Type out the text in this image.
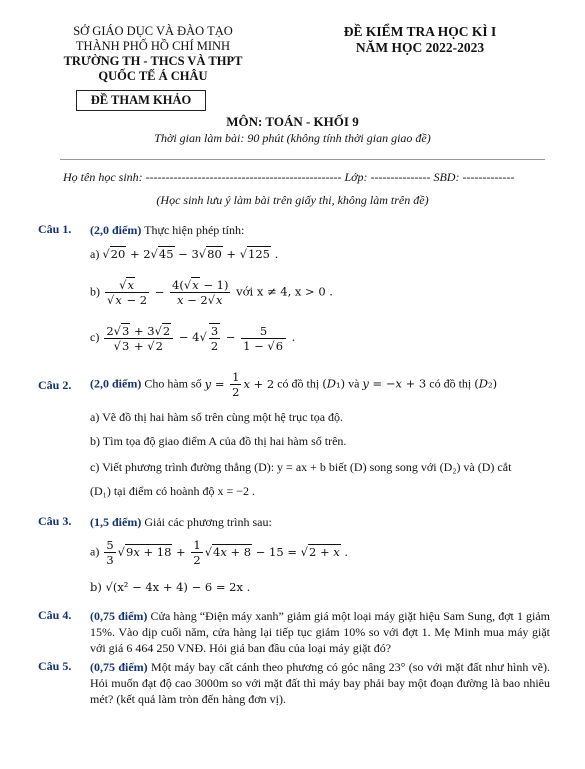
SỞ GIÁO DỤC VÀ ĐÀO TẠO
THÀNH PHỐ HỒ CHÍ MINH
TRƯỜNG TH - THCS VÀ THPT
QUỐC TẾ Á CHÂU
ĐỀ KIỂM TRA HỌC KÌ I
NĂM HỌC 2022-2023
ĐỀ THAM KHẢO
MÔN: TOÁN - KHỐI 9
Thời gian làm bài: 90 phút (không tính thời gian giao đề)
Họ tên học sinh: ------------------------------------------------- Lớp: --------------- SBD: -------------
(Học sinh lưu ý làm bài trên giấy thi, không làm trên đề)
Câu 1. (2,0 điểm) Thực hiện phép tính:
a) √20 + 2√45 − 3√80 + √125 .
$b) \frac{√x}{√x - 2} - \frac{4(√x - 1)}{x - 2√x}$ với x ≠ 4, x > 0 .
$c) \frac{2√3 + 3√2}{√3 + √2} - 4√ \frac{3}{2} - \frac{5}{1 - √6}$ .
Câu 2. (2,0 điểm) Cho hàm số $y = \frac{1}{2}$ x + 2 có đồ thị (D₁) và y = −x + 3 có đồ thị (D₂)
a) Vẽ đồ thị hai hàm số trên cùng một hệ trục tọa độ.
b) Tìm tọa độ giao điểm A của đồ thị hai hàm số trên.
c) Viết phương trình đường thẳng (D): y = ax + b biết (D) song song với (D₂) và (D) cắt
(D₁) tại điểm có hoành độ x = −2 .
Câu 3. (1,5 điểm) Giải các phương trình sau:
$a) \frac{5}{3} √9x + 18 + \frac{1}{2} √4x + 8 - 15 = √2 + x$ .
b) √(x² − 4x + 4) − 6 = 2x .
Câu 4. (0,75 điểm) Cửa hàng “Điện máy xanh” giảm giá một loại máy giặt hiệu Sam Sung, đợt 1 giảm 15%. Vào dịp cuối năm, cửa hàng lại tiếp tục giảm 10% so với đợt 1. Mẹ Minh mua máy giặt với giá 6 464 250 VNĐ. Hỏi giá ban đầu của loại máy giặt đó?
Câu 5. (0,75 điểm) Một máy bay cất cánh theo phương có góc nâng 23° (so với mặt đất như hình vẽ). Hỏi muốn đạt độ cao 3000m so với mặt đất thì máy bay phải bay một đoạn đường là bao nhiêu mét? (kết quả làm tròn đến hàng đơn vị).
